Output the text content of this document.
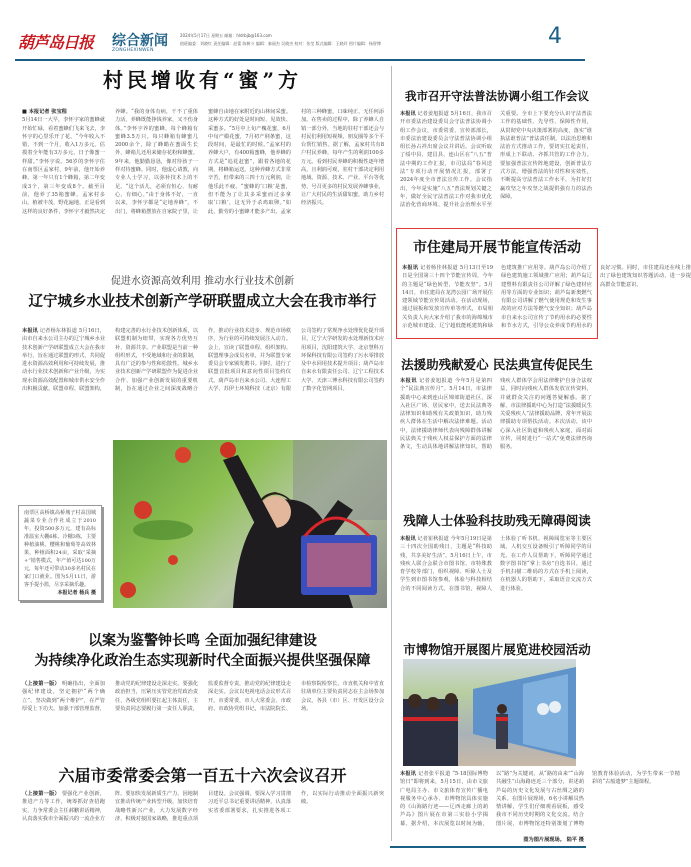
葫芦岛日报 综合新闻
ZONGHEXINWEN
2024年5月17日 星期五 邮箱：hldrbjb@163.com
值班编委：刘晓红 责任编辑：赵蕾 陈树斗 编辑：秦丽杰 吴晓杰 校对：张莹 版式编辑：王晓玲 图片编辑：杨智博	4
村民增收有“蜜”方
■ 本报记者 张宝程
5月14日一大早，李怀宇家的蜜蜂就开始忙碌，看着蜜蜂们飞来飞去，李怀宇的心里乐开了花。“今年收入不错，不到一个月，收入1万多元。估摸着全年能有3万多元，日子像蜜一样甜。”李怀宇说。56岁的李怀宇住在南票区孟家村，9年前，他开始养蜂。第一年只有1个蜂箱，第二年变成3个，第三年变成8个。截至目前，他养了35箱蜜蜂。孟家村多山，植被丰茂，野花遍地，正是看到这样的良好条件，李怀宇才毅然决定养蜂。“我的身体有病，干不了重体力活，养蜂既能挣钱养家，又不伤身体。”李怀宇养的蜜蜂，每个蜂箱有蜜蜂3.5万只。每只蜂箱有蜂蜜几2000余个，除了蜂蜡在蜜面生长外，蜂箱儿还用来储存花粉和蜂蜜。9年来，他勤勤恳恳，像对待孩子一样对待蜜蜂。同时，他虚心请教，向专业人士学习，以弥补技术上的不足。“这个活儿，必须有恒心、有耐心、有细心。”由于身体不好，一直以来，李怀宇都是“定地养蜂”，不出门，将蜂箱摆放在自家院子里，让蜜蜂自由地在家附近的山林间采蜜。这种方式的好处是时间短、见效快、采蜜多。“5月中上旬产槐花蜜，6月中旬产椴花蜜，7月初产荆条蜜，这段时间，是最忙的时候。”孟家村的养蜂大户，有400箱蜜蜂，他养蜂的方式是“追花赶蜜”，跟着各地的花期，将蜂箱运送。这种养蜂方式非常辛苦，但带来的三四十万元利润，让他乐此不疲。“蜜蜂的‘口粮’是蜜，但不能为了让其多采蜜而过多拿取‘口粮’，这无异于杀鸡取卵。”如此，勤劳的小蜜蜂才能多产出。孟家村的三种蜂蜜，口味纯正、无任何添加。在售卖的过程中，除了养蜂人自销一部分外，当地的驻村干部还会与村民们利用短视频、朋友圈等多个平台帮忙销售。据了解，孟家村共有8户村民养蜂，每年产生的利润100多万元。看到村民养蜂的积极性逐年增高，且利润可观，驻村干部决定利用地域、资源、技术、产业、平台等优势，号召更多的村民发展养蜂事业，让广大村民的生活甜如蜜，助力乡村经济振兴。
促进水资源高效利用 推动水行业技术创新
辽宁城乡水业技术创新产学研联盟成立大会在我市举行
本报讯 记者杨东林报道 5月16日，由市自来水公司主办的辽宁城乡水业技术创新产学研联盟成立大会在我市举行，旨在通过联盟的形式，共同促进水资源高效利用和可持续发展，推动水行业技术创新和产业升级，为实现水资源高效配置和城市供水安全作出积极贡献。联盟章程、联盟架构，构建完善的水行业技术创新体系，以联盟机制为纽带，实现各方优势互补、资源共享。产业联盟是当前一种组织形式，不受地域和行业的限制，具有广泛的参与性和松散性。城乡水业技术创新产学研联盟作为促进企业合作、加强产业创新发展的重要机制，旨在通过企业之间深度战略合作，推动行业技术进步、规范市场秩序，为行业的可持续发展注入动力。会上，宣读了联盟章程、组织架构、联盟理事会成员名单，并为联盟专家委员会专家颁发聘书。同时，进行了联盟首批项目和意向性项目签约仪式。葫芦岛市自来水公司、大连理工大学、苏伊士环境科技（北京）有限公司签约了常规净水处理优化提升项目，辽宁大学研发的水处理新技术应用项目，沈阳建筑大学、北京慧科万环保科技有限公司签约了污水零排放及中水回用技术提升项目；葫芦岛市自来水有限责任公司、辽宁工程技术大学、天津三博水科技有限公司签约了数字化管网项目。
南票区高桥镇高桥城子村高国城蔬菜专业合作社成立于2010年，投资500多万元，建有高标准温室大棚6栋、冷棚3栋，主要种植油桃、樱桃和葡萄等高效林果，种植面积24亩，采取“采摘+”销售模式，年产值可达100万元，每年还可带动30多名村民在家门口就业。图为5月11日，游客手提小篮，尽享采摘乐趣。

本报记者 杨兵 摄
以案为鉴警钟长鸣 全面加强纪律建设
为持续净化政治生态实现新时代全面振兴提供坚强保障
（上接第一版） 明确指出，全面加强纪律建设，坚定拥护“两个确立”、坚决做到“两个维护”，在严管厚爱上下功夫，加强干部管理监督，推动党的纪律建设走深走实。要强化政治担当，压紧压实管党治党政治责任，各级党组织要扛起主体责任，主要负责同志要履行第一责任人职责，监委监督专责，推动党的纪律建设走深走实。会议以电视电话会议形式召开。市委常委，市人大常委会、市政府、市政协党组书记，市法院院长、市检察院检察长，市直机关和中省直驻葫单位主要负责同志在主会场参加会议。各县（市）区、开发区设分会场。
六届市委常委会第一百五十六次会议召开
（上接第一版） 要强化产业创新，推进产力等工作，统筹抓好查招跑实，力争常委会主任郝鹏讲话精神，认真落实我市全面振兴的一流企业方阵。要加快发展新质生产力，因地制宜推动传统产业转型升级，加快培育战略性新兴产业，大力发展数字经济，积极对接国家战略，推进重点项目建设。会议强调，要深入学习贯彻习近平总书记重要讲话精神，认真落实省委部署要求，扎实推进各项工作，以实际行动推动全面振兴新突破。
我市召开守法普法协调小组工作会议
本报讯 记者姜旭报道 5月16日，我市召开市委法治建设委员会守法普法协调小组工作会议，市委常委、宣传部部长，市委法治建设委员会守法普法协调小组组长孙占祥出席会议并讲话。会议听取了绥中县、建昌县、连山区在“八五”普法中期的工作汇报，市司法局“春风送法”专项行动开展情况汇报，部署了2024年度全市普法宣传工作。会议指出，今年是实施“八五”普法规划关键之年，做好全民守法普法工作对我市优化法治化营商环境、提升社会治理水平至关重要。全市上下要充分认识守法普法工作的基础性、先导性、保障性作用，从贯彻党中央决策部署的高度，落实“谁执法谁普法”普法责任制，以法治思维和法治方式推动工作，要切实扛起责任，形成上下联动、齐抓共管的工作合力。要加强普法宣传阵地建设，创新普法方式方法，增强普法的针对性和实效性，不断提高守法普法工作水平，为打好打赢攻坚之年攻坚之战提供强有力的法治保障。
市住建局开展节能宣传活动
本报讯 记者杨佳林报道 5月13日至19日是全国第三十四个节能宣传周，今年的主题是“绿色转型，节能攻坚”。5月14日，市住建局在龙湾公园广场开展住建领域节能宣传周活动。在活动现场，通过展板和发放宣传单等形式，市局相关负责人向大家介绍了我市的海绵城市示范城市建设、辽宁超低能耗建筑和绿色建筑推广应用等。葫芦岛公司介绍了绿色建筑施工领域推广应用；葫芦岛辽建塑料有限责任公司详解了绿色建材应用等方面的专业知识；葫芦岛新奥燃气有限公司讲解了燃气使用规范和发生事故的应对方法等燃气安全知识；葫芦岛市自来水公司宣传了节约用水的必要性和节水方式，引导公众养成节约用水的良好习惯。同时，市住建局还在线上推出了绿色建筑知识答题活动，进一步提高群众节能意识。
法援助残献爱心 民法典宣传促民生
本报讯 记者姜旭报道 今年5月是第四个“民法典宣传月”。5月14日，市法律援助中心来到连山区锦郊街道社区，深入社区广场、居民家中，送去民法典等法律知识和助残有关政策知识，助力残疾人群体在生活中解决法律难题。活动中，法律援助律师代表向残障群体讲解民法典关于残疾人权益保护方面的法律条文，生动具体地讲解法律知识，帮助残疾人群体学会用法律维护自身合法权益，同时向残疾人群体发放宣传资料，并就群众关注的问题答疑解惑。据了解，市法律援助中心为打造“法援暖民生 关爱残疾人”法律援助品牌，常年开展法律援助专项帮扶活动。本次活动，该中心深入社区街道和残疾人家庭，面对面宣传，同时进行“一站式”免费法律咨询服务。
残障人士体验科技助残无障碍阅读
本报讯 记者崔秋报道 今年5月19日是第三十四次全国助残日，主题是“科技助残，共享美好生活”。5月16日上午，市残疾人联合会联合市图书馆、市特殊教育学校等部门，组织视障、听障人士及学生到市图书馆参观，体验与科技相结合的不同阅读方式。在图书馆，视障人士体验了听书机、视障阅览室等主要区域。人机交互设备吸引了听障同学的目光。在工作人员帮助下，听障同学通过数字图书馆“掌上书房”自选书目，通过手机扫描二维码的方式在手机上阅读，在机器人的帮助下，采取语音交流方式进行体验。
市博物馆开展图片展览进校园活动
本报讯 记者张平报道 “5·18国际博物馆日”即将到来，5月15日，由市文旅广电局主办、市文旅体育宣传广播电视服务中心承办、市博物馆具体实施的《山海路行迹——辽西走廊上的葫芦岛》图片展在市第三实验小学揭幕。据介绍，本次展览以时间为轴，以“路”为关键词，从“路的由来”“山海共融生”山海路迹近三个部分，讲述葫芦岛的历史文化发展与古丝绸之路的关系。在图片展现场，6名小讲解员热情讲解，学生们仔细观看展板，感受我市不同历史时期的文化交流。结合图片展，市博物馆还特别策划了博物馆教育体验活动，为学生带来一节精彩的“古船遗梦”主题课程。
图为图片展现场。 陆平 摄
